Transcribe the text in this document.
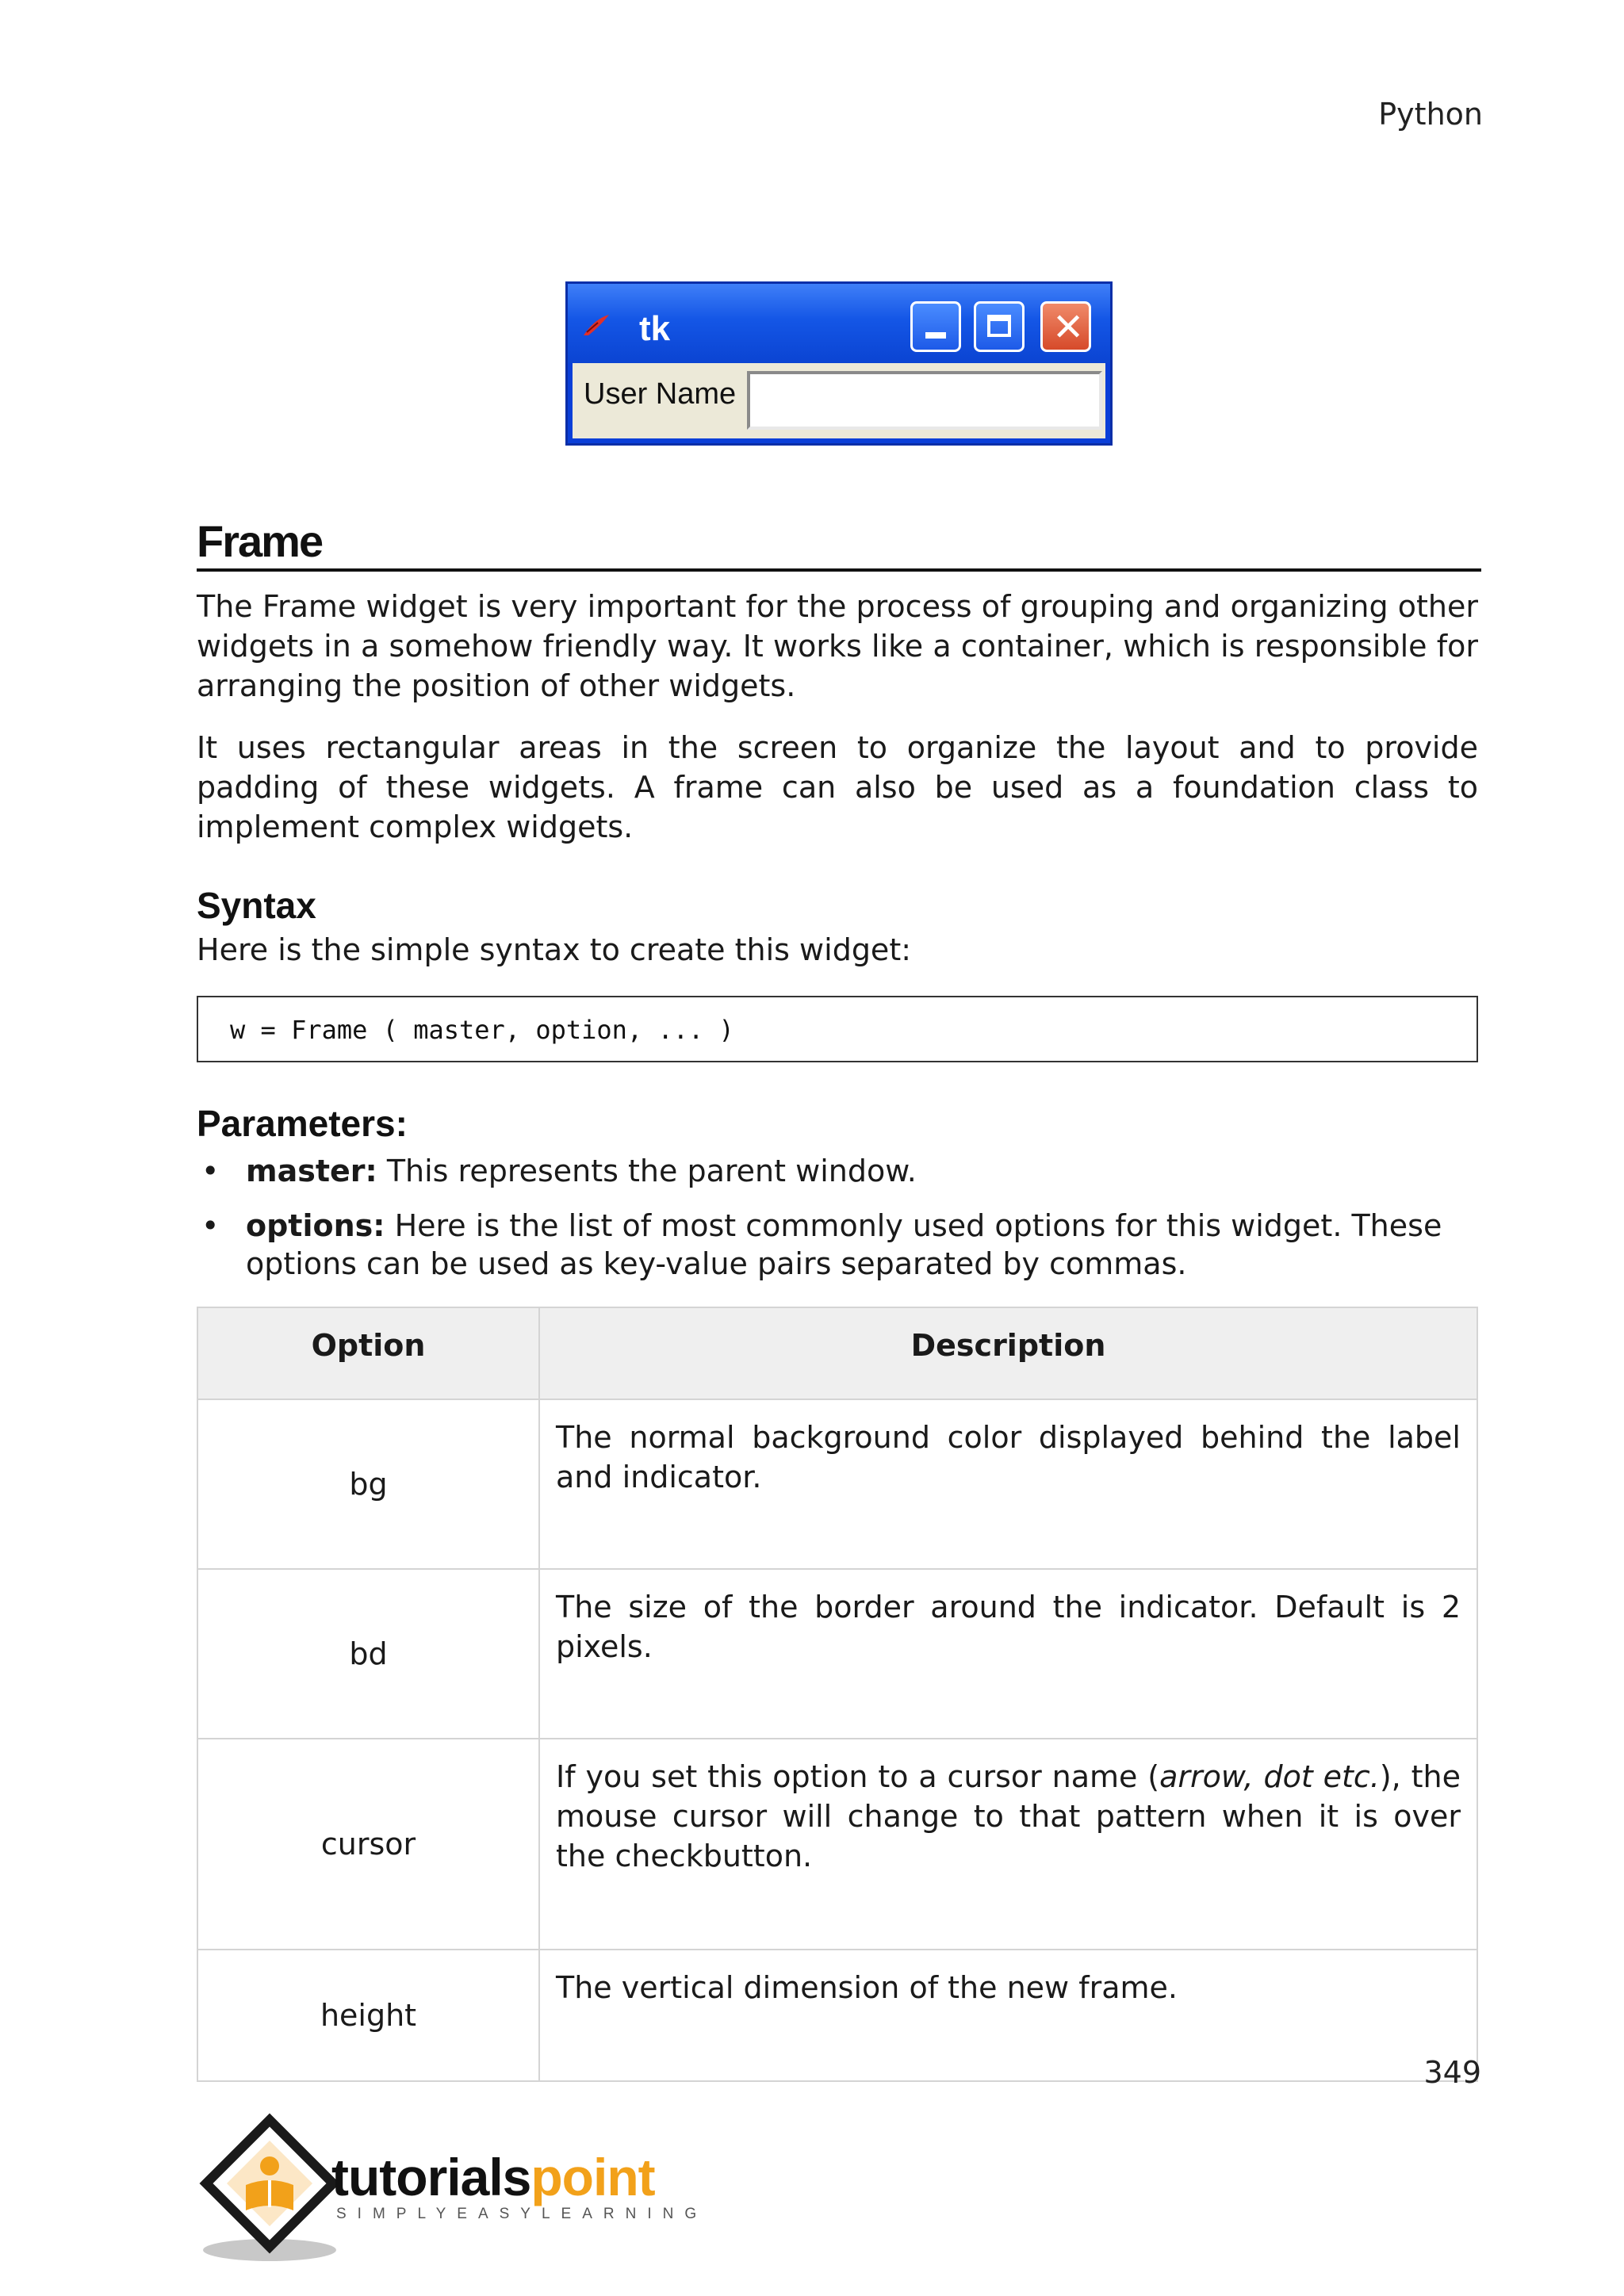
Python
tk	✕
User Name
Frame

The Frame widget is very important for the process of grouping and organizing other widgets in a somehow friendly way. It works like a container, which is responsible for arranging the position of other widgets.

It uses rectangular areas in the screen to organize the layout and to provide padding of these widgets. A frame can also be used as a foundation class to implement complex widgets.

Syntax
Here is the simple syntax to create this widget:
w = Frame ( master, option, ... )
Parameters:
• master: This represents the parent window.
• options: Here is the list of most commonly used options for this widget. These options can be used as key-value pairs separated by commas.
Option	Description
bg	The normal background color displayed behind the label and indicator.
bd	The size of the border around the indicator. Default is 2 pixels.
cursor	If you set this option to a cursor name (arrow, dot etc.), the mouse cursor will change to that pattern when it is over the checkbutton.
height	The vertical dimension of the new frame.
349
tutorialspoint
SIMPLYEASYLEARNING
